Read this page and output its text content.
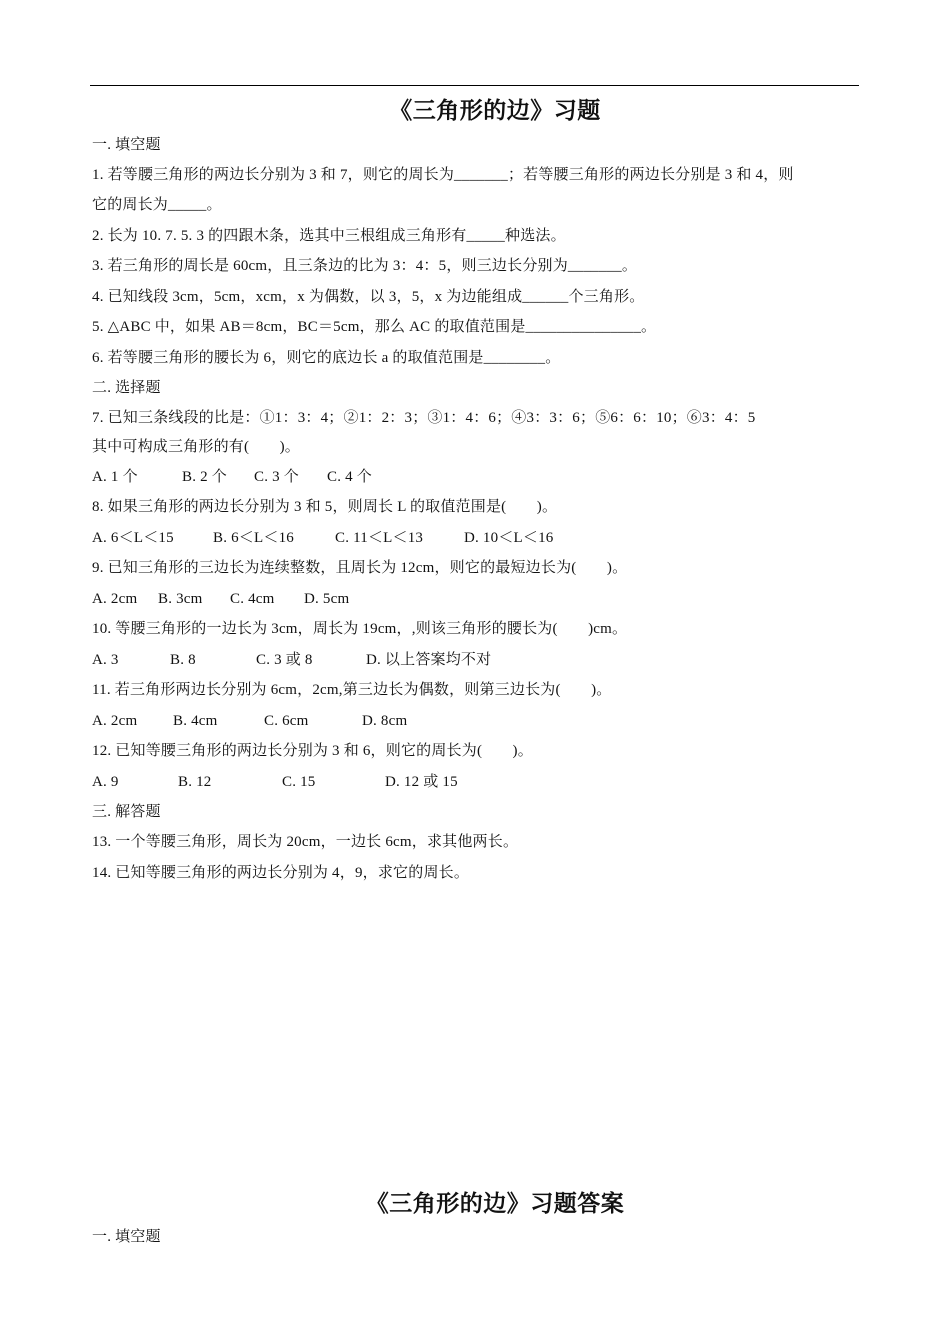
《三角形的边》习题
一. 填空题
1. 若等腰三角形的两边长分别为 3 和 7，则它的周长为_______；若等腰三角形的两边长分别是 3 和 4，则
它的周长为_____。
2. 长为 10. 7. 5. 3 的四跟木条，选其中三根组成三角形有_____种选法。
3. 若三角形的周长是 60cm，且三条边的比为 3：4：5，则三边长分别为_______。
4. 已知线段 3cm，5cm，xcm，x 为偶数，以 3，5，x 为边能组成______个三角形。
5. △ABC 中，如果 AB＝8cm，BC＝5cm，那么 AC 的取值范围是_______________。
6. 若等腰三角形的腰长为 6，则它的底边长 a 的取值范围是________。
二. 选择题
7. 已知三条线段的比是：①1：3：4；②1：2：3；③1：4：6；④3：3：6；⑤6：6：10；⑥3：4：5
其中可构成三角形的有(　　)。
A. 1 个	B. 2 个 C. 3 个 C. 4 个
8. 如果三角形的两边长分别为 3 和 5，则周长 L 的取值范围是(　　)。
A. 6＜L＜15	B. 6＜L＜16	C. 11＜L＜13	D. 10＜L＜16
9. 已知三角形的三边长为连续整数，且周长为 12cm，则它的最短边长为(　　)。
A. 2cm B. 3cm C. 4cm D. 5cm
10. 等腰三角形的一边长为 3cm，周长为 19cm，,则该三角形的腰长为(　　)cm。
A. 3	B. 8	C. 3 或 8	D. 以上答案均不对
11. 若三角形两边长分别为 6cm，2cm,第三边长为偶数，则第三边长为(　　)。
A. 2cm B. 4cm	C. 6cm	D. 8cm
12. 已知等腰三角形的两边长分别为 3 和 6，则它的周长为(　　)。
A. 9	B. 12	C. 15	D. 12 或 15
三. 解答题
13. 一个等腰三角形，周长为 20cm，一边长 6cm，求其他两长。
14. 已知等腰三角形的两边长分别为 4，9，求它的周长。
《三角形的边》习题答案
一. 填空题
